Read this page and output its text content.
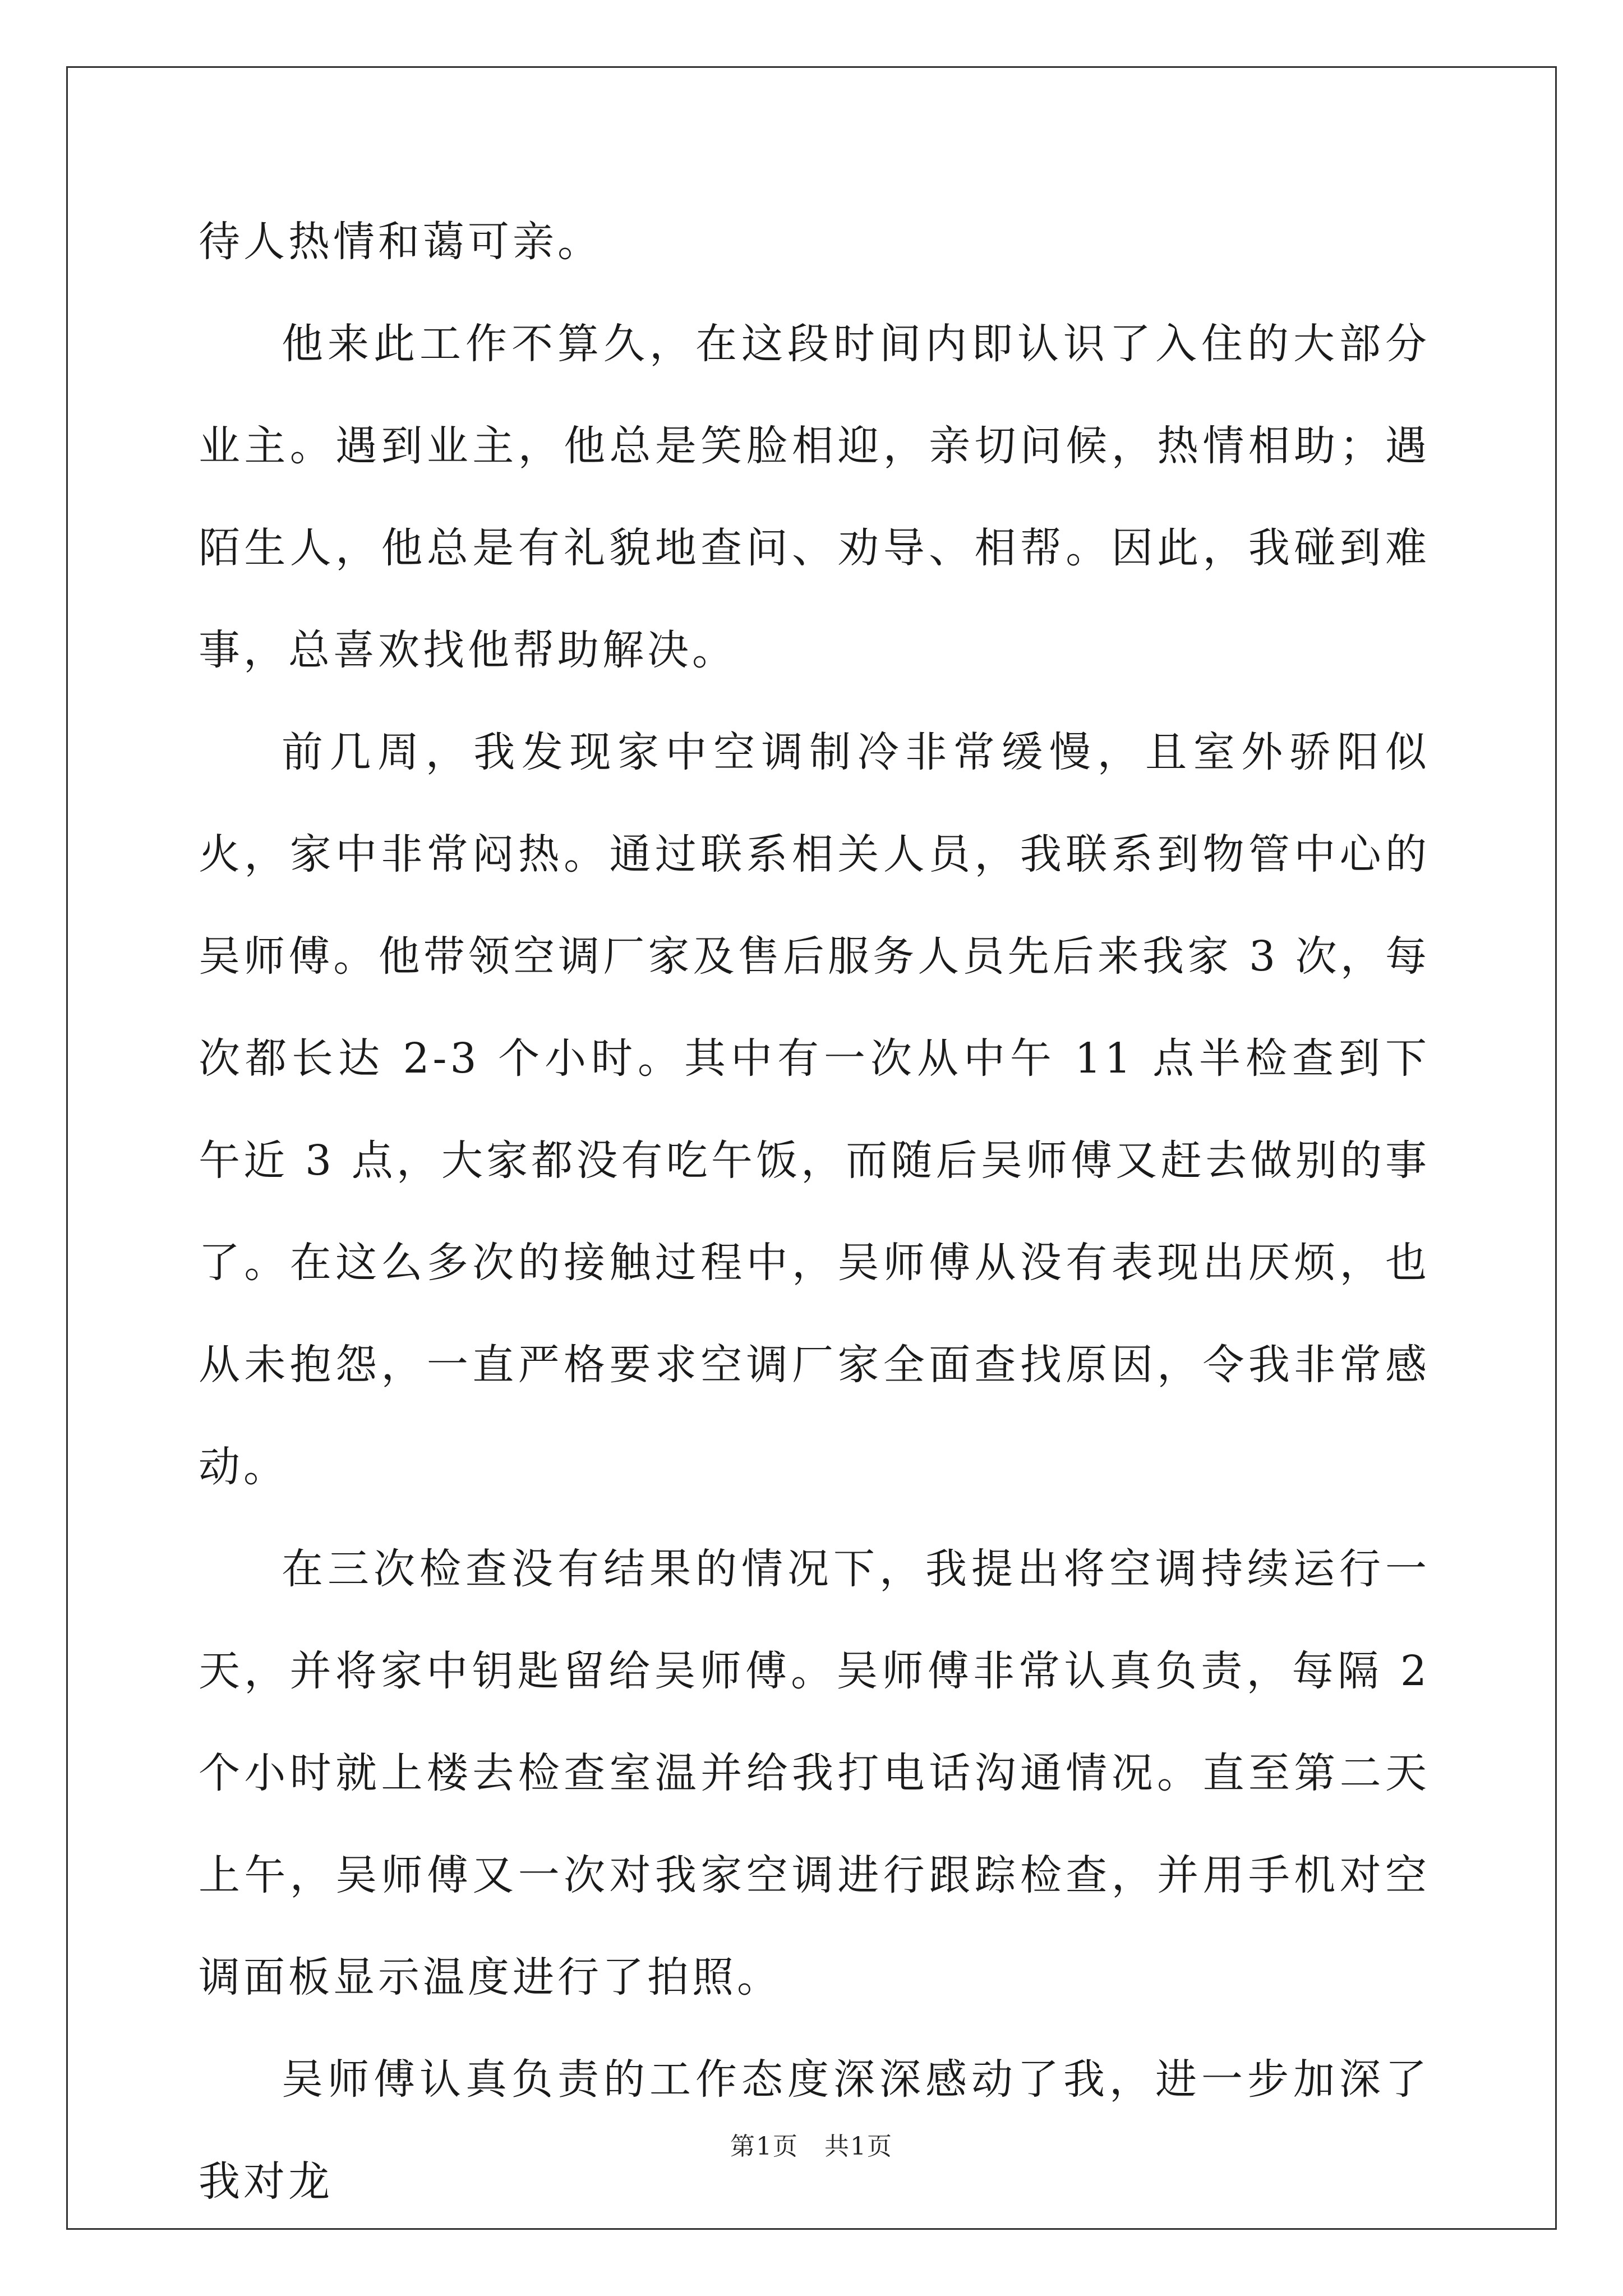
待人热情和蔼可亲。

他来此工作不算久，在这段时间内即认识了入住的大部分业主。遇到业主，他总是笑脸相迎，亲切问候，热情相助；遇陌生人，他总是有礼貌地查问、劝导、相帮。因此，我碰到难事，总喜欢找他帮助解决。

前几周，我发现家中空调制冷非常缓慢，且室外骄阳似火，家中非常闷热。通过联系相关人员，我联系到物管中心的吴师傅。他带领空调厂家及售后服务人员先后来我家 3 次，每次都长达 2-3 个小时。其中有一次从中午 11 点半检查到下午近 3 点，大家都没有吃午饭，而随后吴师傅又赶去做别的事了。在这么多次的接触过程中，吴师傅从没有表现出厌烦，也从未抱怨，一直严格要求空调厂家全面查找原因，令我非常感动。

在三次检查没有结果的情况下，我提出将空调持续运行一天，并将家中钥匙留给吴师傅。吴师傅非常认真负责，每隔 2 个小时就上楼去检查室温并给我打电话沟通情况。直至第二天上午，吴师傅又一次对我家空调进行跟踪检查，并用手机对空调面板显示温度进行了拍照。

吴师傅认真负责的工作态度深深感动了我，进一步加深了我对龙

第1页 共1页
